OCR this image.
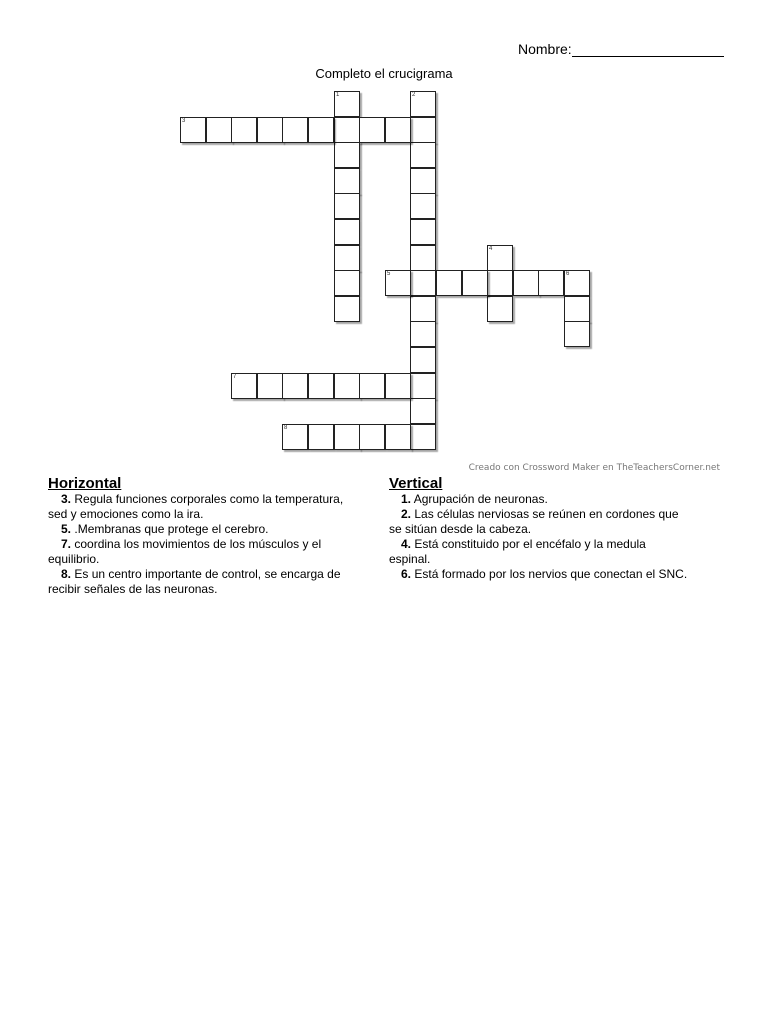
Nombre:
Completo el crucigrama
1	2
3
4
5	6
7
8
Creado con Crossword Maker en TheTeachersCorner.net
Horizontal
3. Regula funciones corporales como la temperatura,
sed y emociones como la ira.
5. .Membranas que protege el cerebro.
7. coordina los movimientos de los músculos y el
equilibrio.
8. Es un centro importante de control, se encarga de
recibir señales de las neuronas.
Vertical
1. Agrupación de neuronas.
2. Las células nerviosas se reúnen en cordones que
se sitúan desde la cabeza.
4. Está constituido por el encéfalo y la medula
espinal.
6. Está formado por los nervios que conectan el SNC.
